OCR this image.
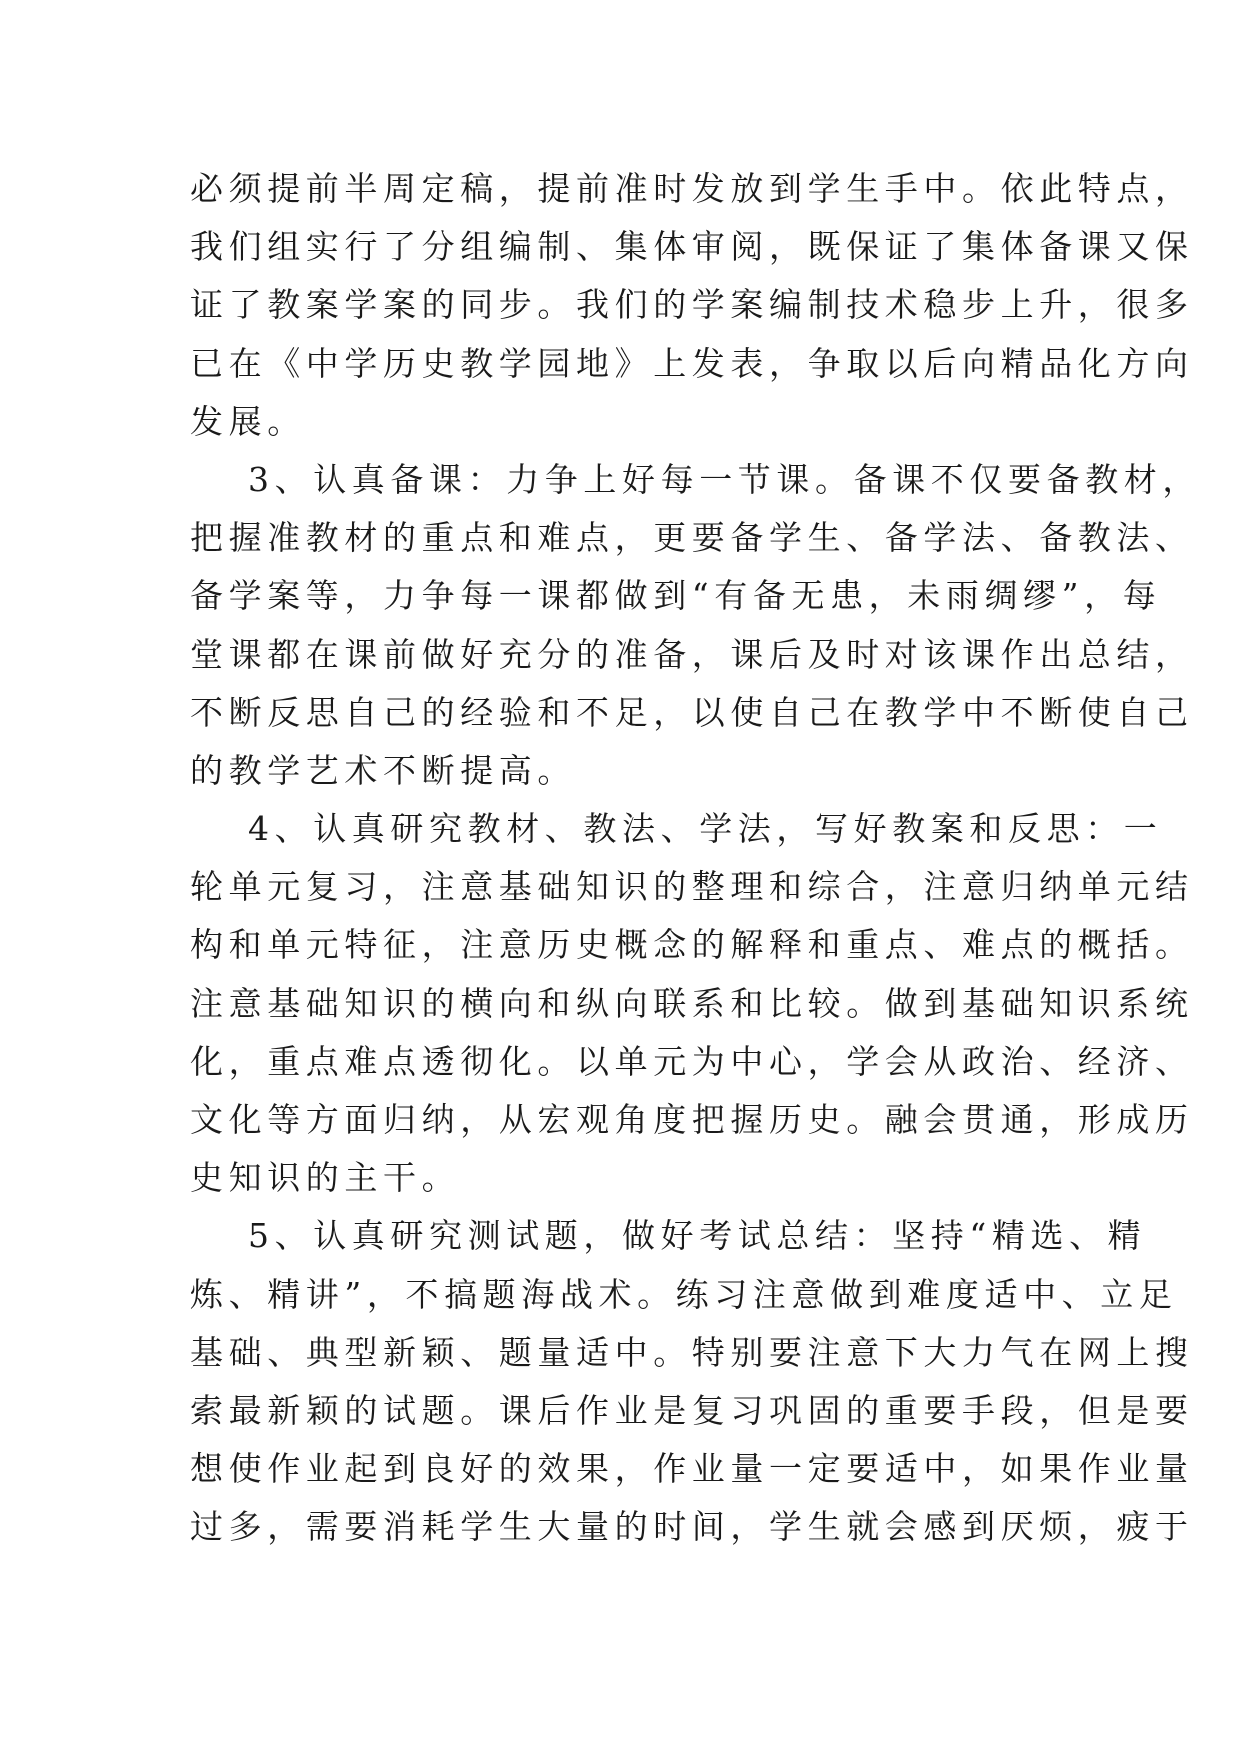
必须提前半周定稿，提前准时发放到学生手中。依此特点，
我们组实行了分组编制、集体审阅，既保证了集体备课又保
证了教案学案的同步。我们的学案编制技术稳步上升，很多
已在《中学历史教学园地》上发表，争取以后向精品化方向
发展。
3、认真备课：力争上好每一节课。备课不仅要备教材，
把握准教材的重点和难点，更要备学生、备学法、备教法、
备学案等，力争每一课都做到“有备无患，未雨绸缪”，每
堂课都在课前做好充分的准备，课后及时对该课作出总结，
不断反思自己的经验和不足，以使自己在教学中不断使自己
的教学艺术不断提高。
4、认真研究教材、教法、学法，写好教案和反思：一
轮单元复习，注意基础知识的整理和综合，注意归纳单元结
构和单元特征，注意历史概念的解释和重点、难点的概括。
注意基础知识的横向和纵向联系和比较。做到基础知识系统
化，重点难点透彻化。以单元为中心，学会从政治、经济、
文化等方面归纳，从宏观角度把握历史。融会贯通，形成历
史知识的主干。
5、认真研究测试题，做好考试总结：坚持“精选、精
炼、精讲”，不搞题海战术。练习注意做到难度适中、立足
基础、典型新颖、题量适中。特别要注意下大力气在网上搜
索最新颖的试题。课后作业是复习巩固的重要手段，但是要
想使作业起到良好的效果，作业量一定要适中，如果作业量
过多，需要消耗学生大量的时间，学生就会感到厌烦，疲于
